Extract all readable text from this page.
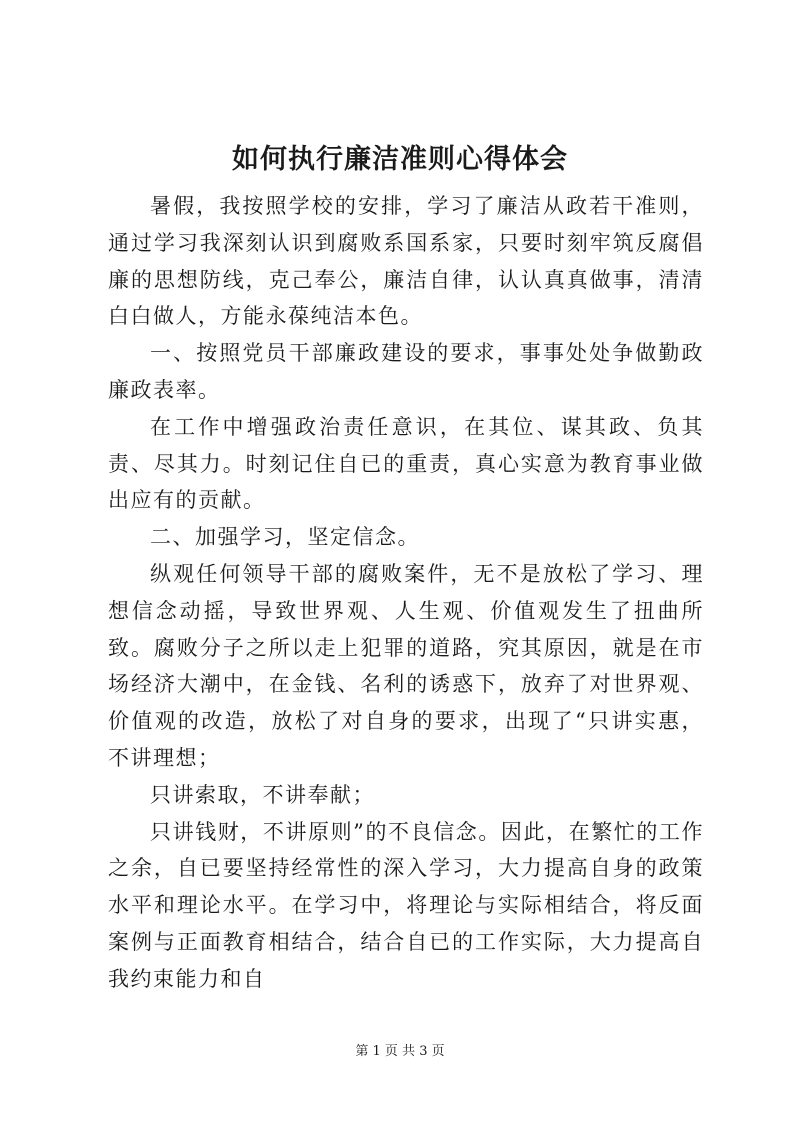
如何执行廉洁准则心得体会

暑假，我按照学校的安排，学习了廉洁从政若干准则，通过学习我深刻认识到腐败系国系家，只要时刻牢筑反腐倡廉的思想防线，克己奉公，廉洁自律，认认真真做事，清清白白做人，方能永葆纯洁本色。

一、按照党员干部廉政建设的要求，事事处处争做勤政廉政表率。

在工作中增强政治责任意识，在其位、谋其政、负其责、尽其力。时刻记住自已的重责，真心实意为教育事业做出应有的贡献。

二、加强学习，坚定信念。

纵观任何领导干部的腐败案件，无不是放松了学习、理想信念动摇，导致世界观、人生观、价值观发生了扭曲所致。腐败分子之所以走上犯罪的道路，究其原因，就是在市场经济大潮中，在金钱、名利的诱惑下，放弃了对世界观、价值观的改造，放松了对自身的要求，出现了“只讲实惠，不讲理想；

只讲索取，不讲奉献；

只讲钱财，不讲原则”的不良信念。因此，在繁忙的工作之余，自已要坚持经常性的深入学习，大力提高自身的政策水平和理论水平。在学习中，将理论与实际相结合，将反面案例与正面教育相结合，结合自已的工作实际，大力提高自我约束能力和自

第 1 页 共 3 页
